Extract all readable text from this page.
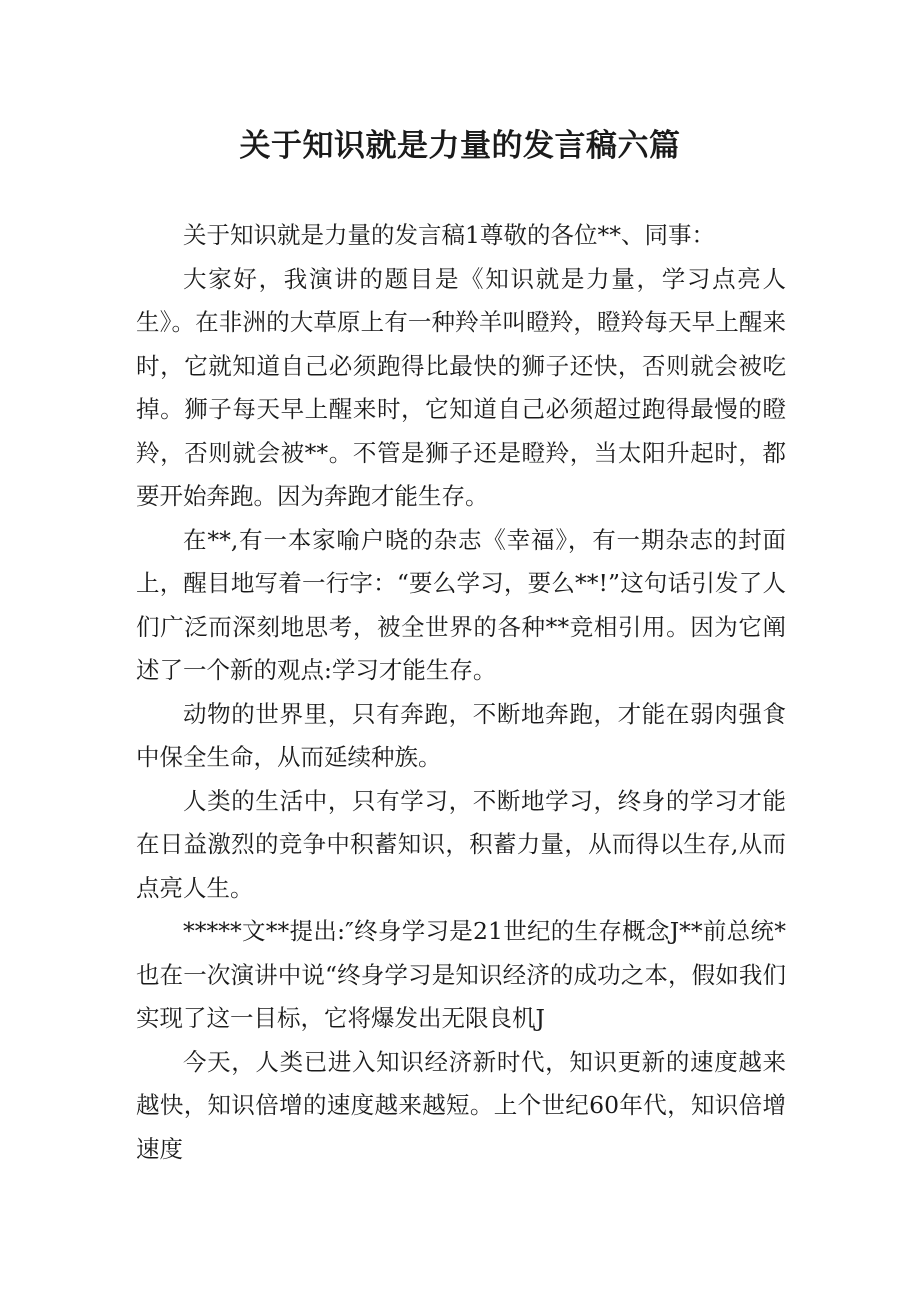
关于知识就是力量的发言稿六篇

关于知识就是力量的发言稿1尊敬的各位**、同事：

大家好，我演讲的题目是《知识就是力量，学习点亮人生》。在非洲的大草原上有一种羚羊叫瞪羚，瞪羚每天早上醒来时，它就知道自己必须跑得比最快的狮子还快，否则就会被吃掉。狮子每天早上醒来时，它知道自己必须超过跑得最慢的瞪羚，否则就会被**。不管是狮子还是瞪羚，当太阳升起时，都要开始奔跑。因为奔跑才能生存。

在**,有一本家喻户晓的杂志《幸福》，有一期杂志的封面上，醒目地写着一行字：“要么学习，要么**!”这句话引发了人们广泛而深刻地思考，被全世界的各种**竞相引用。因为它阐述了一个新的观点:学习才能生存。

动物的世界里，只有奔跑，不断地奔跑，才能在弱肉强食中保全生命，从而延续种族。

人类的生活中，只有学习，不断地学习，终身的学习才能在日益激烈的竞争中积蓄知识，积蓄力量，从而得以生存,从而点亮人生。

*****文**提出:″终身学习是21世纪的生存概念J**前总统*也在一次演讲中说“终身学习是知识经济的成功之本，假如我们实现了这一目标，它将爆发出无限良机J

今天，人类已进入知识经济新时代，知识更新的速度越来越快，知识倍增的速度越来越短。上个世纪60年代，知识倍增速度
